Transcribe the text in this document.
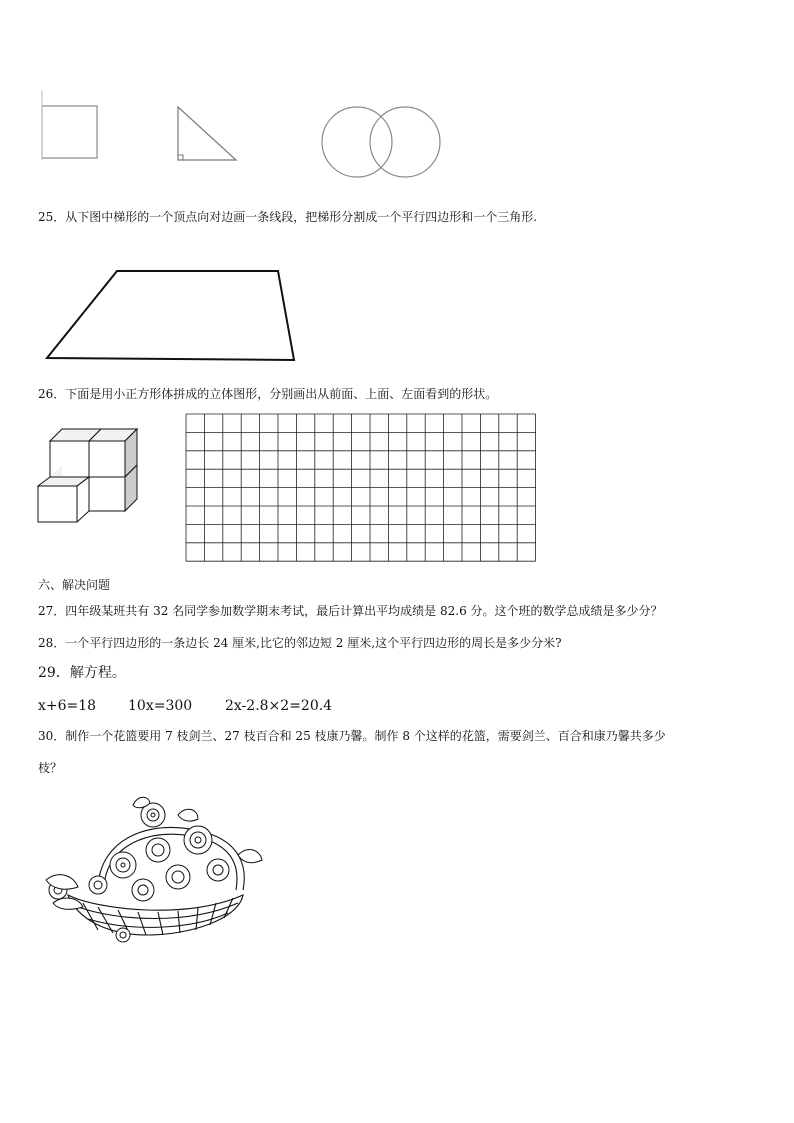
25．从下图中梯形的一个顶点向对边画一条线段，把梯形分割成一个平行四边形和一个三角形.
26．下面是用小正方形体拼成的立体图形，分别画出从前面、上面、左面看到的形状。
六、解决问题
27．四年级某班共有 32 名同学参加数学期末考试，最后计算出平均成绩是 82.6 分。这个班的数学总成绩是多少分？
28．一个平行四边形的一条边长 24 厘米,比它的邻边短 2 厘米,这个平行四边形的周长是多少分米?
29．解方程。
x+6=18 10x=300 2x-2.8×2=20.4
30．制作一个花篮要用 7 枝剑兰、27 枝百合和 25 枝康乃馨。制作 8 个这样的花篮，需要剑兰、百合和康乃馨共多少
枝？
